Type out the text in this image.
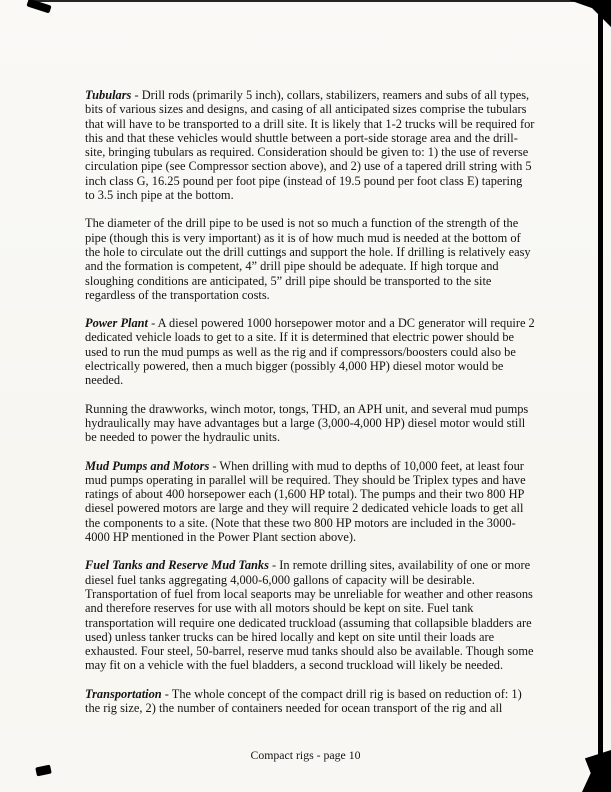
Tubulars - Drill rods (primarily 5 inch), collars, stabilizers, reamers and subs of all types, bits of various sizes and designs, and casing of all anticipated sizes comprise the tubulars that will have to be transported to a drill site. It is likely that 1-2 trucks will be required for this and that these vehicles would shuttle between a port-side storage area and the drill-site, bringing tubulars as required. Consideration should be given to: 1) the use of reverse circulation pipe (see Compressor section above), and 2) use of a tapered drill string with 5 inch class G, 16.25 pound per foot pipe (instead of 19.5 pound per foot class E) tapering to 3.5 inch pipe at the bottom.

The diameter of the drill pipe to be used is not so much a function of the strength of the pipe (though this is very important) as it is of how much mud is needed at the bottom of the hole to circulate out the drill cuttings and support the hole. If drilling is relatively easy and the formation is competent, 4” drill pipe should be adequate. If high torque and sloughing conditions are anticipated, 5” drill pipe should be transported to the site regardless of the transportation costs.

Power Plant - A diesel powered 1000 horsepower motor and a DC generator will require 2 dedicated vehicle loads to get to a site. If it is determined that electric power should be used to run the mud pumps as well as the rig and if compressors/boosters could also be electrically powered, then a much bigger (possibly 4,000 HP) diesel motor would be needed.

Running the drawworks, winch motor, tongs, THD, an APH unit, and several mud pumps hydraulically may have advantages but a large (3,000-4,000 HP) diesel motor would still be needed to power the hydraulic units.

Mud Pumps and Motors - When drilling with mud to depths of 10,000 feet, at least four mud pumps operating in parallel will be required. They should be Triplex types and have ratings of about 400 horsepower each (1,600 HP total). The pumps and their two 800 HP diesel powered motors are large and they will require 2 dedicated vehicle loads to get all the components to a site. (Note that these two 800 HP motors are included in the 3000-4000 HP mentioned in the Power Plant section above).

Fuel Tanks and Reserve Mud Tanks - In remote drilling sites, availability of one or more diesel fuel tanks aggregating 4,000-6,000 gallons of capacity will be desirable. Transportation of fuel from local seaports may be unreliable for weather and other reasons and therefore reserves for use with all motors should be kept on site. Fuel tank transportation will require one dedicated truckload (assuming that collapsible bladders are used) unless tanker trucks can be hired locally and kept on site until their loads are exhausted. Four steel, 50-barrel, reserve mud tanks should also be available. Though some may fit on a vehicle with the fuel bladders, a second truckload will likely be needed.

Transportation - The whole concept of the compact drill rig is based on reduction of: 1) the rig size, 2) the number of containers needed for ocean transport of the rig and all

Compact rigs - page 10
